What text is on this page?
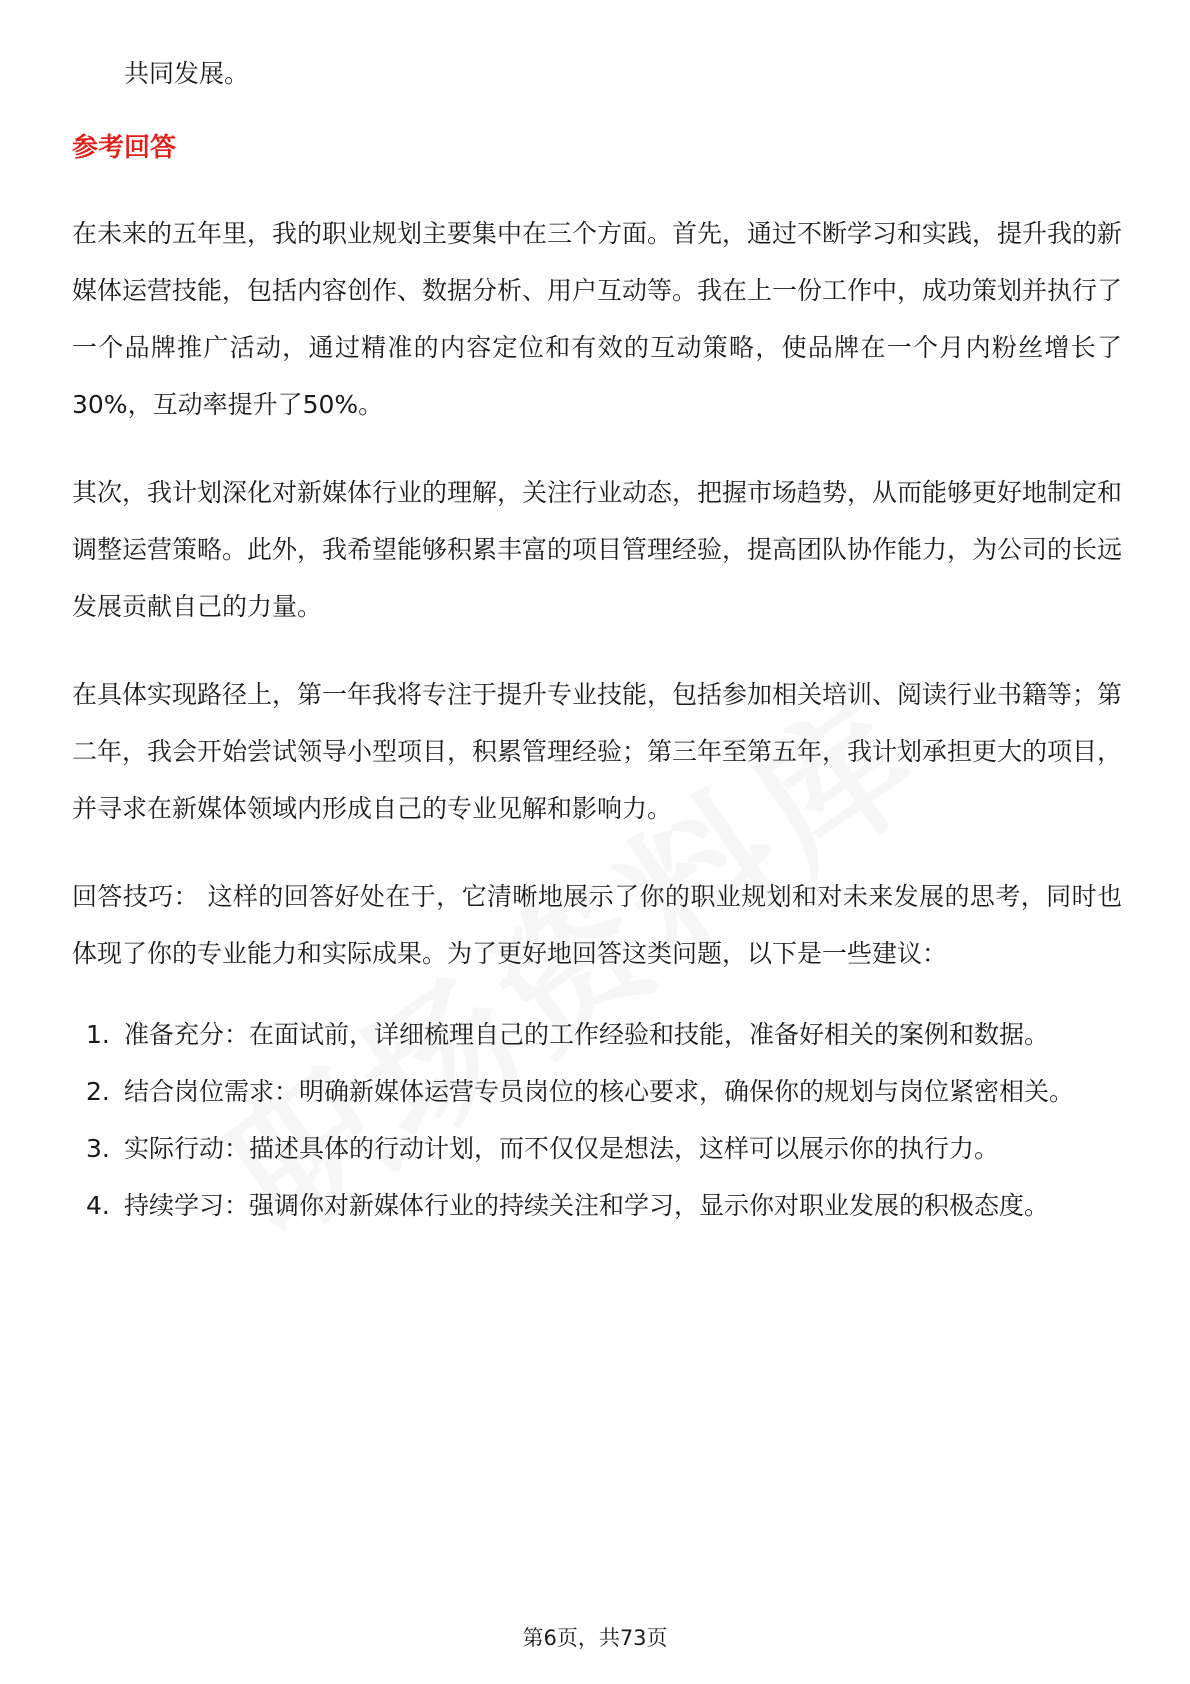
共同发展。

参考回答

在未来的五年里，我的职业规划主要集中在三个方面。首先，通过不断学习和实践，提升我的新媒体运营技能，包括内容创作、数据分析、用户互动等。我在上一份工作中，成功策划并执行了一个品牌推广活动，通过精准的内容定位和有效的互动策略，使品牌在一个月内粉丝增长了30%，互动率提升了50%。

其次，我计划深化对新媒体行业的理解，关注行业动态，把握市场趋势，从而能够更好地制定和调整运营策略。此外，我希望能够积累丰富的项目管理经验，提高团队协作能力，为公司的长远发展贡献自己的力量。

在具体实现路径上，第一年我将专注于提升专业技能，包括参加相关培训、阅读行业书籍等；第二年，我会开始尝试领导小型项目，积累管理经验；第三年至第五年，我计划承担更大的项目，并寻求在新媒体领域内形成自己的专业见解和影响力。

回答技巧： 这样的回答好处在于，它清晰地展示了你的职业规划和对未来发展的思考，同时也体现了你的专业能力和实际成果。为了更好地回答这类问题，以下是一些建议：

1. 准备充分：在面试前，详细梳理自己的工作经验和技能，准备好相关的案例和数据。
2. 结合岗位需求：明确新媒体运营专员岗位的核心要求，确保你的规划与岗位紧密相关。
3. 实际行动：描述具体的行动计划，而不仅仅是想法，这样可以展示你的执行力。
4. 持续学习：强调你对新媒体行业的持续关注和学习，显示你对职业发展的积极态度。
第6页，共73页
